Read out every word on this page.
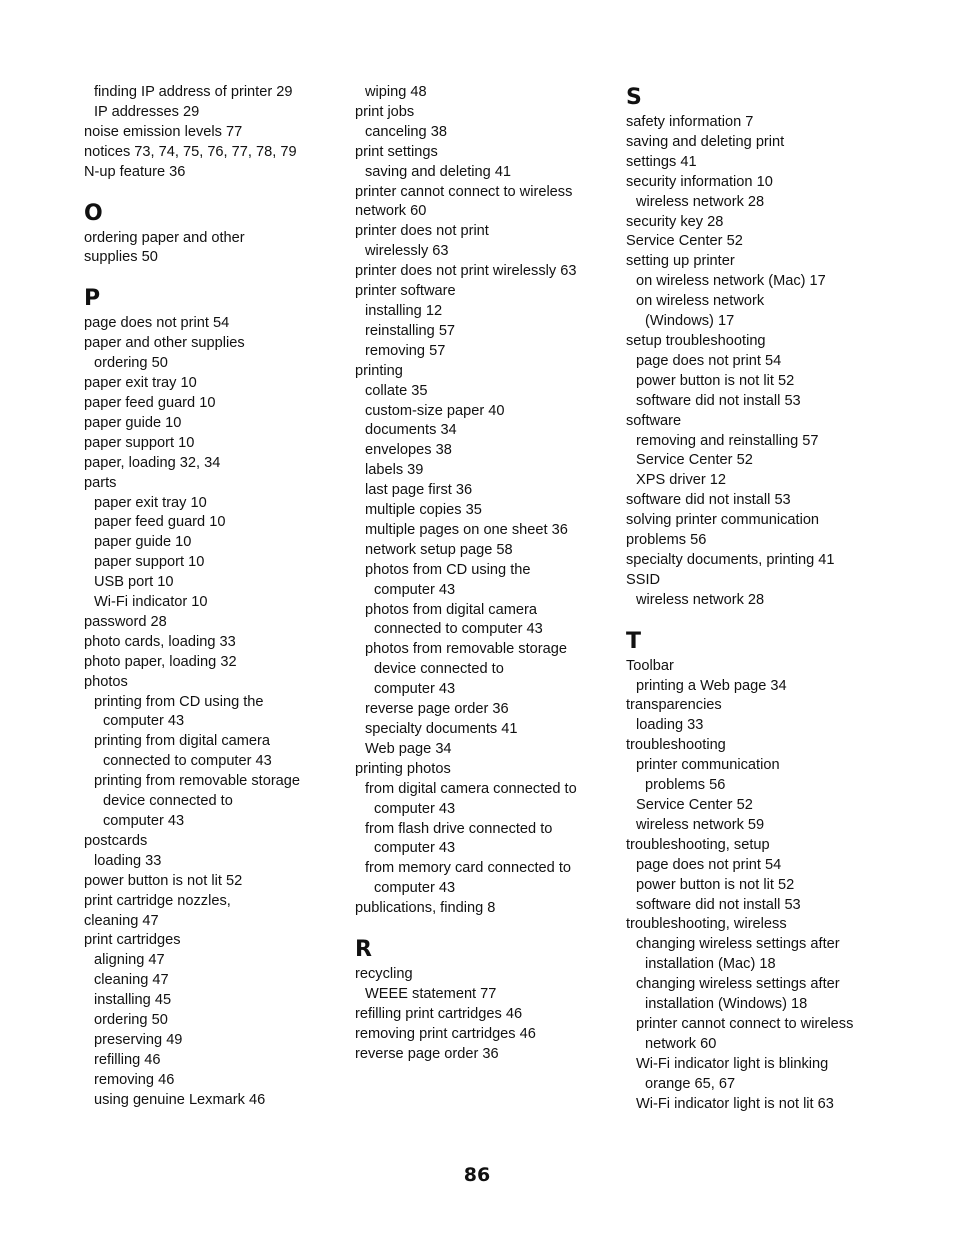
finding IP address of printer 29
IP addresses 29
noise emission levels 77
notices 73, 74, 75, 76, 77, 78, 79
N-up feature 36
O
ordering paper and other
supplies 50
P
page does not print 54
paper and other supplies
ordering 50
paper exit tray 10
paper feed guard 10
paper guide 10
paper support 10
paper, loading 32, 34
parts
paper exit tray 10
paper feed guard 10
paper guide 10
paper support 10
USB port 10
Wi-Fi indicator 10
password 28
photo cards, loading 33
photo paper, loading 32
photos
printing from CD using the
computer 43
printing from digital camera
connected to computer 43
printing from removable storage
device connected to
computer 43
postcards
loading 33
power button is not lit 52
print cartridge nozzles,
cleaning 47
print cartridges
aligning 47
cleaning 47
installing 45
ordering 50
preserving 49
refilling 46
removing 46
using genuine Lexmark 46
wiping 48
print jobs
canceling 38
print settings
saving and deleting 41
printer cannot connect to wireless
network 60
printer does not print
wirelessly 63
printer does not print wirelessly 63
printer software
installing 12
reinstalling 57
removing 57
printing
collate 35
custom-size paper 40
documents 34
envelopes 38
labels 39
last page first 36
multiple copies 35
multiple pages on one sheet 36
network setup page 58
photos from CD using the
computer 43
photos from digital camera
connected to computer 43
photos from removable storage
device connected to
computer 43
reverse page order 36
specialty documents 41
Web page 34
printing photos
from digital camera connected to
computer 43
from flash drive connected to
computer 43
from memory card connected to
computer 43
publications, finding 8
R
recycling
WEEE statement 77
refilling print cartridges 46
removing print cartridges 46
reverse page order 36
S
safety information 7
saving and deleting print
settings 41
security information 10
wireless network 28
security key 28
Service Center 52
setting up printer
on wireless network (Mac) 17
on wireless network
(Windows) 17
setup troubleshooting
page does not print 54
power button is not lit 52
software did not install 53
software
removing and reinstalling 57
Service Center 52
XPS driver 12
software did not install 53
solving printer communication
problems 56
specialty documents, printing 41
SSID
wireless network 28
T
Toolbar
printing a Web page 34
transparencies
loading 33
troubleshooting
printer communication
problems 56
Service Center 52
wireless network 59
troubleshooting, setup
page does not print 54
power button is not lit 52
software did not install 53
troubleshooting, wireless
changing wireless settings after
installation (Mac) 18
changing wireless settings after
installation (Windows) 18
printer cannot connect to wireless
network 60
Wi-Fi indicator light is blinking
orange 65, 67
Wi-Fi indicator light is not lit 63
86
